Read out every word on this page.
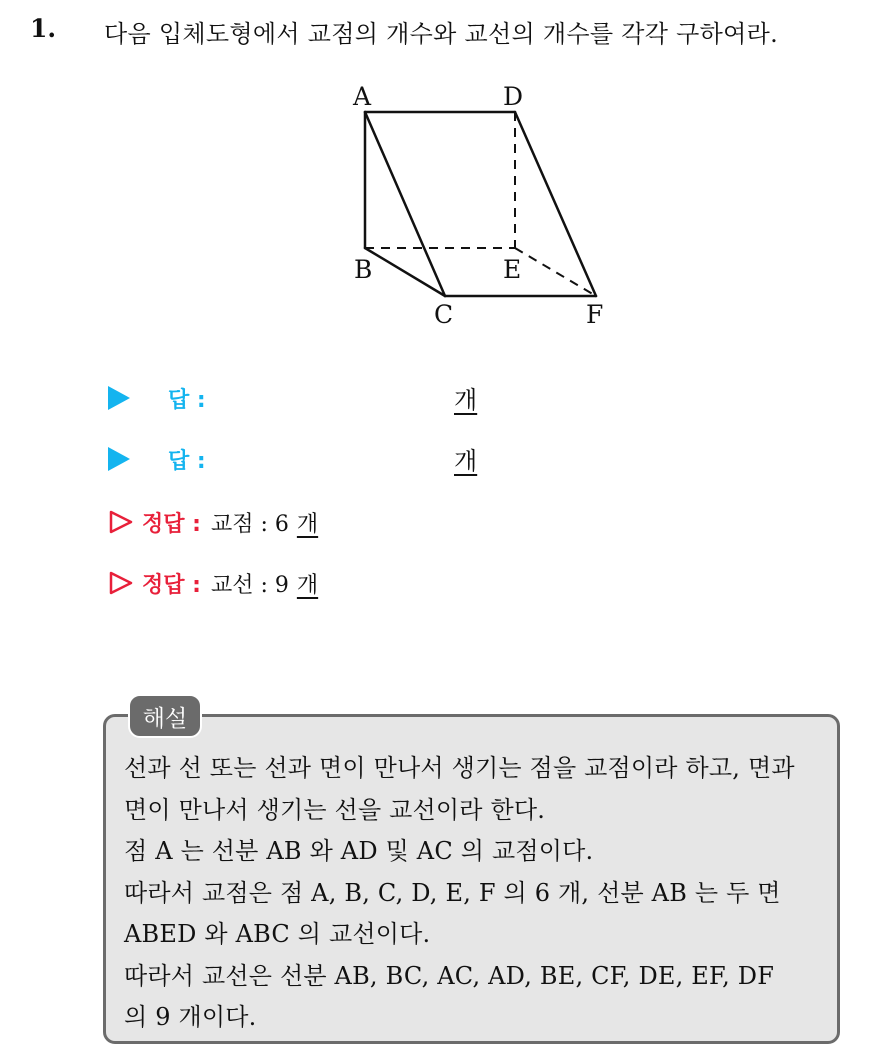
1. 다음 입체도형에서 교점의 개수와 교선의 개수를 각각 구하여라.
A	D
B	E
C	F
답 :	개
답 :	개
정답 : 교점 : 6 개
정답 : 교선 : 9 개
해설
선과 선 또는 선과 면이 만나서 생기는 점을 교점이라 하고, 면과
면이 만나서 생기는 선을 교선이라 한다.
점 A 는 선분 AB 와 AD 및 AC 의 교점이다.
따라서 교점은 점 A, B, C, D, E, F 의 6 개, 선분 AB 는 두 면
ABED 와 ABC 의 교선이다.
따라서 교선은 선분 AB, BC, AC, AD, BE, CF, DE, EF, DF
의 9 개이다.
